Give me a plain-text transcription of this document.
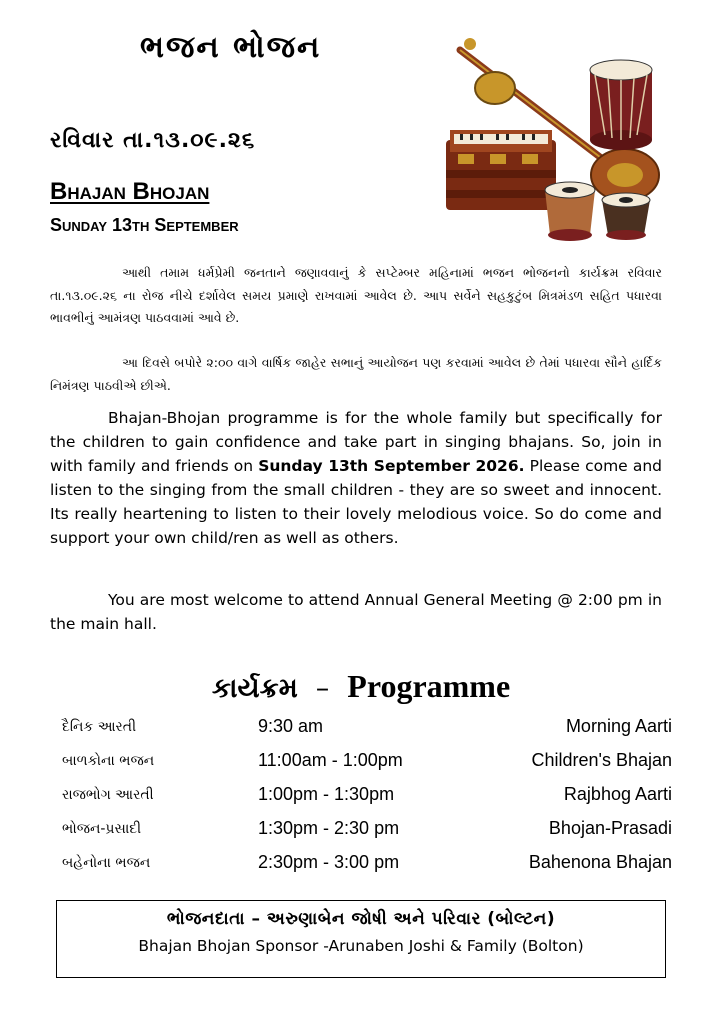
ભજન ભોજન
રવિવાર તા.૧૩.૦૯.૨૬
Bhajan Bhojan
Sunday 13th September

આથી તમામ ધર્મપ્રેમી જનતાને જણાવવાનું કે સપ્ટેમ્બર મહિનામાં ભજન ભોજનનો કાર્યક્રમ રવિવાર તા.૧૩.૦૯.૨૬ ના રોજ નીચે દર્શાવેલ સમય પ્રમાણે રાખવામાં આવેલ છે. આપ સર્વેને સહકુટુંબ મિત્રમંડળ સહિત પધારવા ભાવભીનું આમંત્રણ પાઠવવામાં આવે છે.

આ દિવસે બપોરે ૨:૦૦ વાગે વાર્ષિક જાહેર સભાનું આયોજન પણ કરવામાં આવેલ છે તેમાં પધારવા સૌને હાર્દિક નિમંત્રણ પાઠવીએ છીએ.

Bhajan-Bhojan programme is for the whole family but specifically for the children to gain confidence and take part in singing bhajans. So, join in with family and friends on Sunday 13th September 2026. Please come and listen to the singing from the small children - they are so sweet and innocent. Its really heartening to listen to their lovely melodious voice. So do come and support your own child/ren as well as others.
You are most welcome to attend Annual General Meeting @ 2:00 pm in the main hall.
કાર્યક્રમ – Programme
દૈનિક આરતી	9:30 am	Morning Aarti
બાળકોના ભજન	11:00am - 1:00pm	Children's Bhajan
રાજભોગ આરતી	1:00pm - 1:30pm	Rajbhog Aarti
ભોજન-પ્રસાદી	1:30pm - 2:30 pm	Bhojan-Prasadi
બહેનોના ભજન	2:30pm - 3:00 pm	Bahenona Bhajan
ભોજનદાતા – અરુણાબેન જોષી અને પરિવાર (બોલ્ટન)
Bhajan Bhojan Sponsor -Arunaben Joshi & Family (Bolton)
